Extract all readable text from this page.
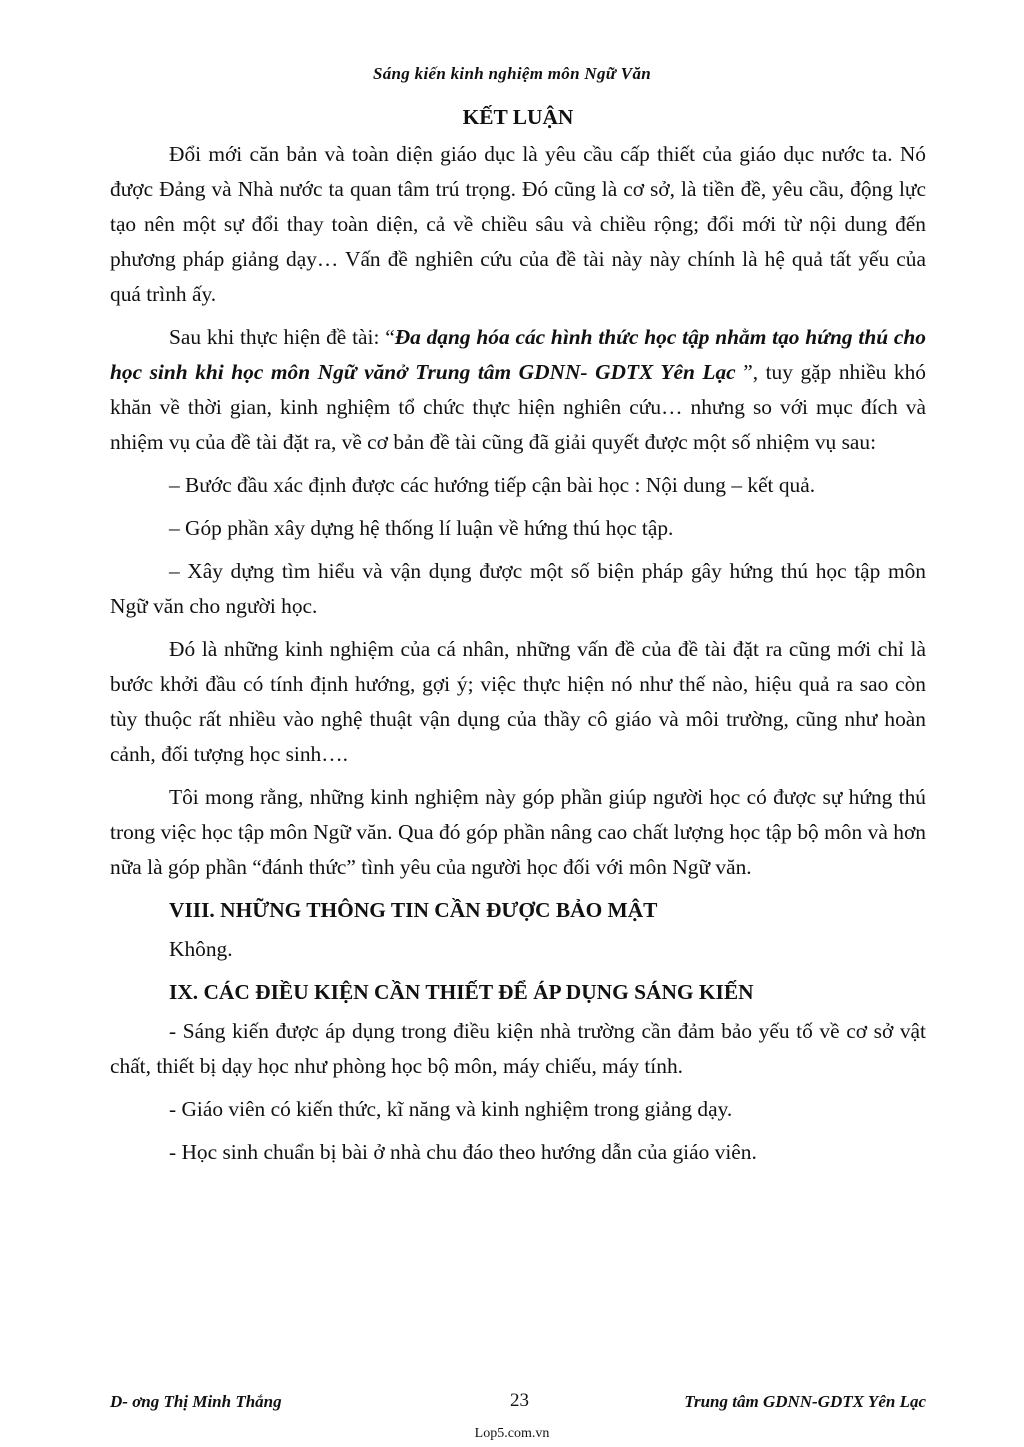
Sáng kiến kinh nghiệm môn Ngữ Văn

KẾT LUẬN

Đổi mới căn bản và toàn diện giáo dục là yêu cầu cấp thiết của giáo dục nước ta. Nó được Đảng và Nhà nước ta quan tâm trú trọng. Đó cũng là cơ sở, là tiền đề, yêu cầu, động lực tạo nên một sự đổi thay toàn diện, cả về chiều sâu và chiều rộng; đổi mới từ nội dung đến phương pháp giảng dạy… Vấn đề nghiên cứu của đề tài này này chính là hệ quả tất yếu của quá trình ấy.

Sau khi thực hiện đề tài: “Đa dạng hóa các hình thức học tập nhằm tạo hứng thú cho học sinh khi học môn Ngữ vănở Trung tâm GDNN- GDTX Yên Lạc ”, tuy gặp nhiều khó khăn về thời gian, kinh nghiệm tổ chức thực hiện nghiên cứu… nhưng so với mục đích và nhiệm vụ của đề tài đặt ra, về cơ bản đề tài cũng đã giải quyết được một số nhiệm vụ sau:

– Bước đầu xác định được các hướng tiếp cận bài học : Nội dung – kết quả.

– Góp phần xây dựng hệ thống lí luận về hứng thú học tập.

– Xây dựng tìm hiểu và vận dụng được một số biện pháp gây hứng thú học tập môn Ngữ văn cho người học.

Đó là những kinh nghiệm của cá nhân, những vấn đề của đề tài đặt ra cũng mới chỉ là bước khởi đầu có tính định hướng, gợi ý; việc thực hiện nó như thế nào, hiệu quả ra sao còn tùy thuộc rất nhiều vào nghệ thuật vận dụng của thầy cô giáo và môi trường, cũng như hoàn cảnh, đối tượng học sinh….

Tôi mong rằng, những kinh nghiệm này góp phần giúp người học có được sự hứng thú trong việc học tập môn Ngữ văn. Qua đó góp phần nâng cao chất lượng học tập bộ môn và hơn nữa là góp phần “đánh thức” tình yêu của người học đối với môn Ngữ văn.

VIII. NHỮNG THÔNG TIN CẦN ĐƯỢC BẢO MẬT

Không.

IX. CÁC ĐIỀU KIỆN CẦN THIẾT ĐỂ ÁP DỤNG SÁNG KIẾN

- Sáng kiến được áp dụng trong điều kiện nhà trường cần đảm bảo yếu tố về cơ sở vật chất, thiết bị dạy học như phòng học bộ môn, máy chiếu, máy tính.

- Giáo viên có kiến thức, kĩ năng và kinh nghiệm trong giảng dạy.

- Học sinh chuẩn bị bài ở nhà chu đáo theo hướng dẫn của giáo viên.

D- ơng Thị Minh Thắng	23	Trung tâm GDNN-GDTX Yên Lạc
Lop5.com.vn
